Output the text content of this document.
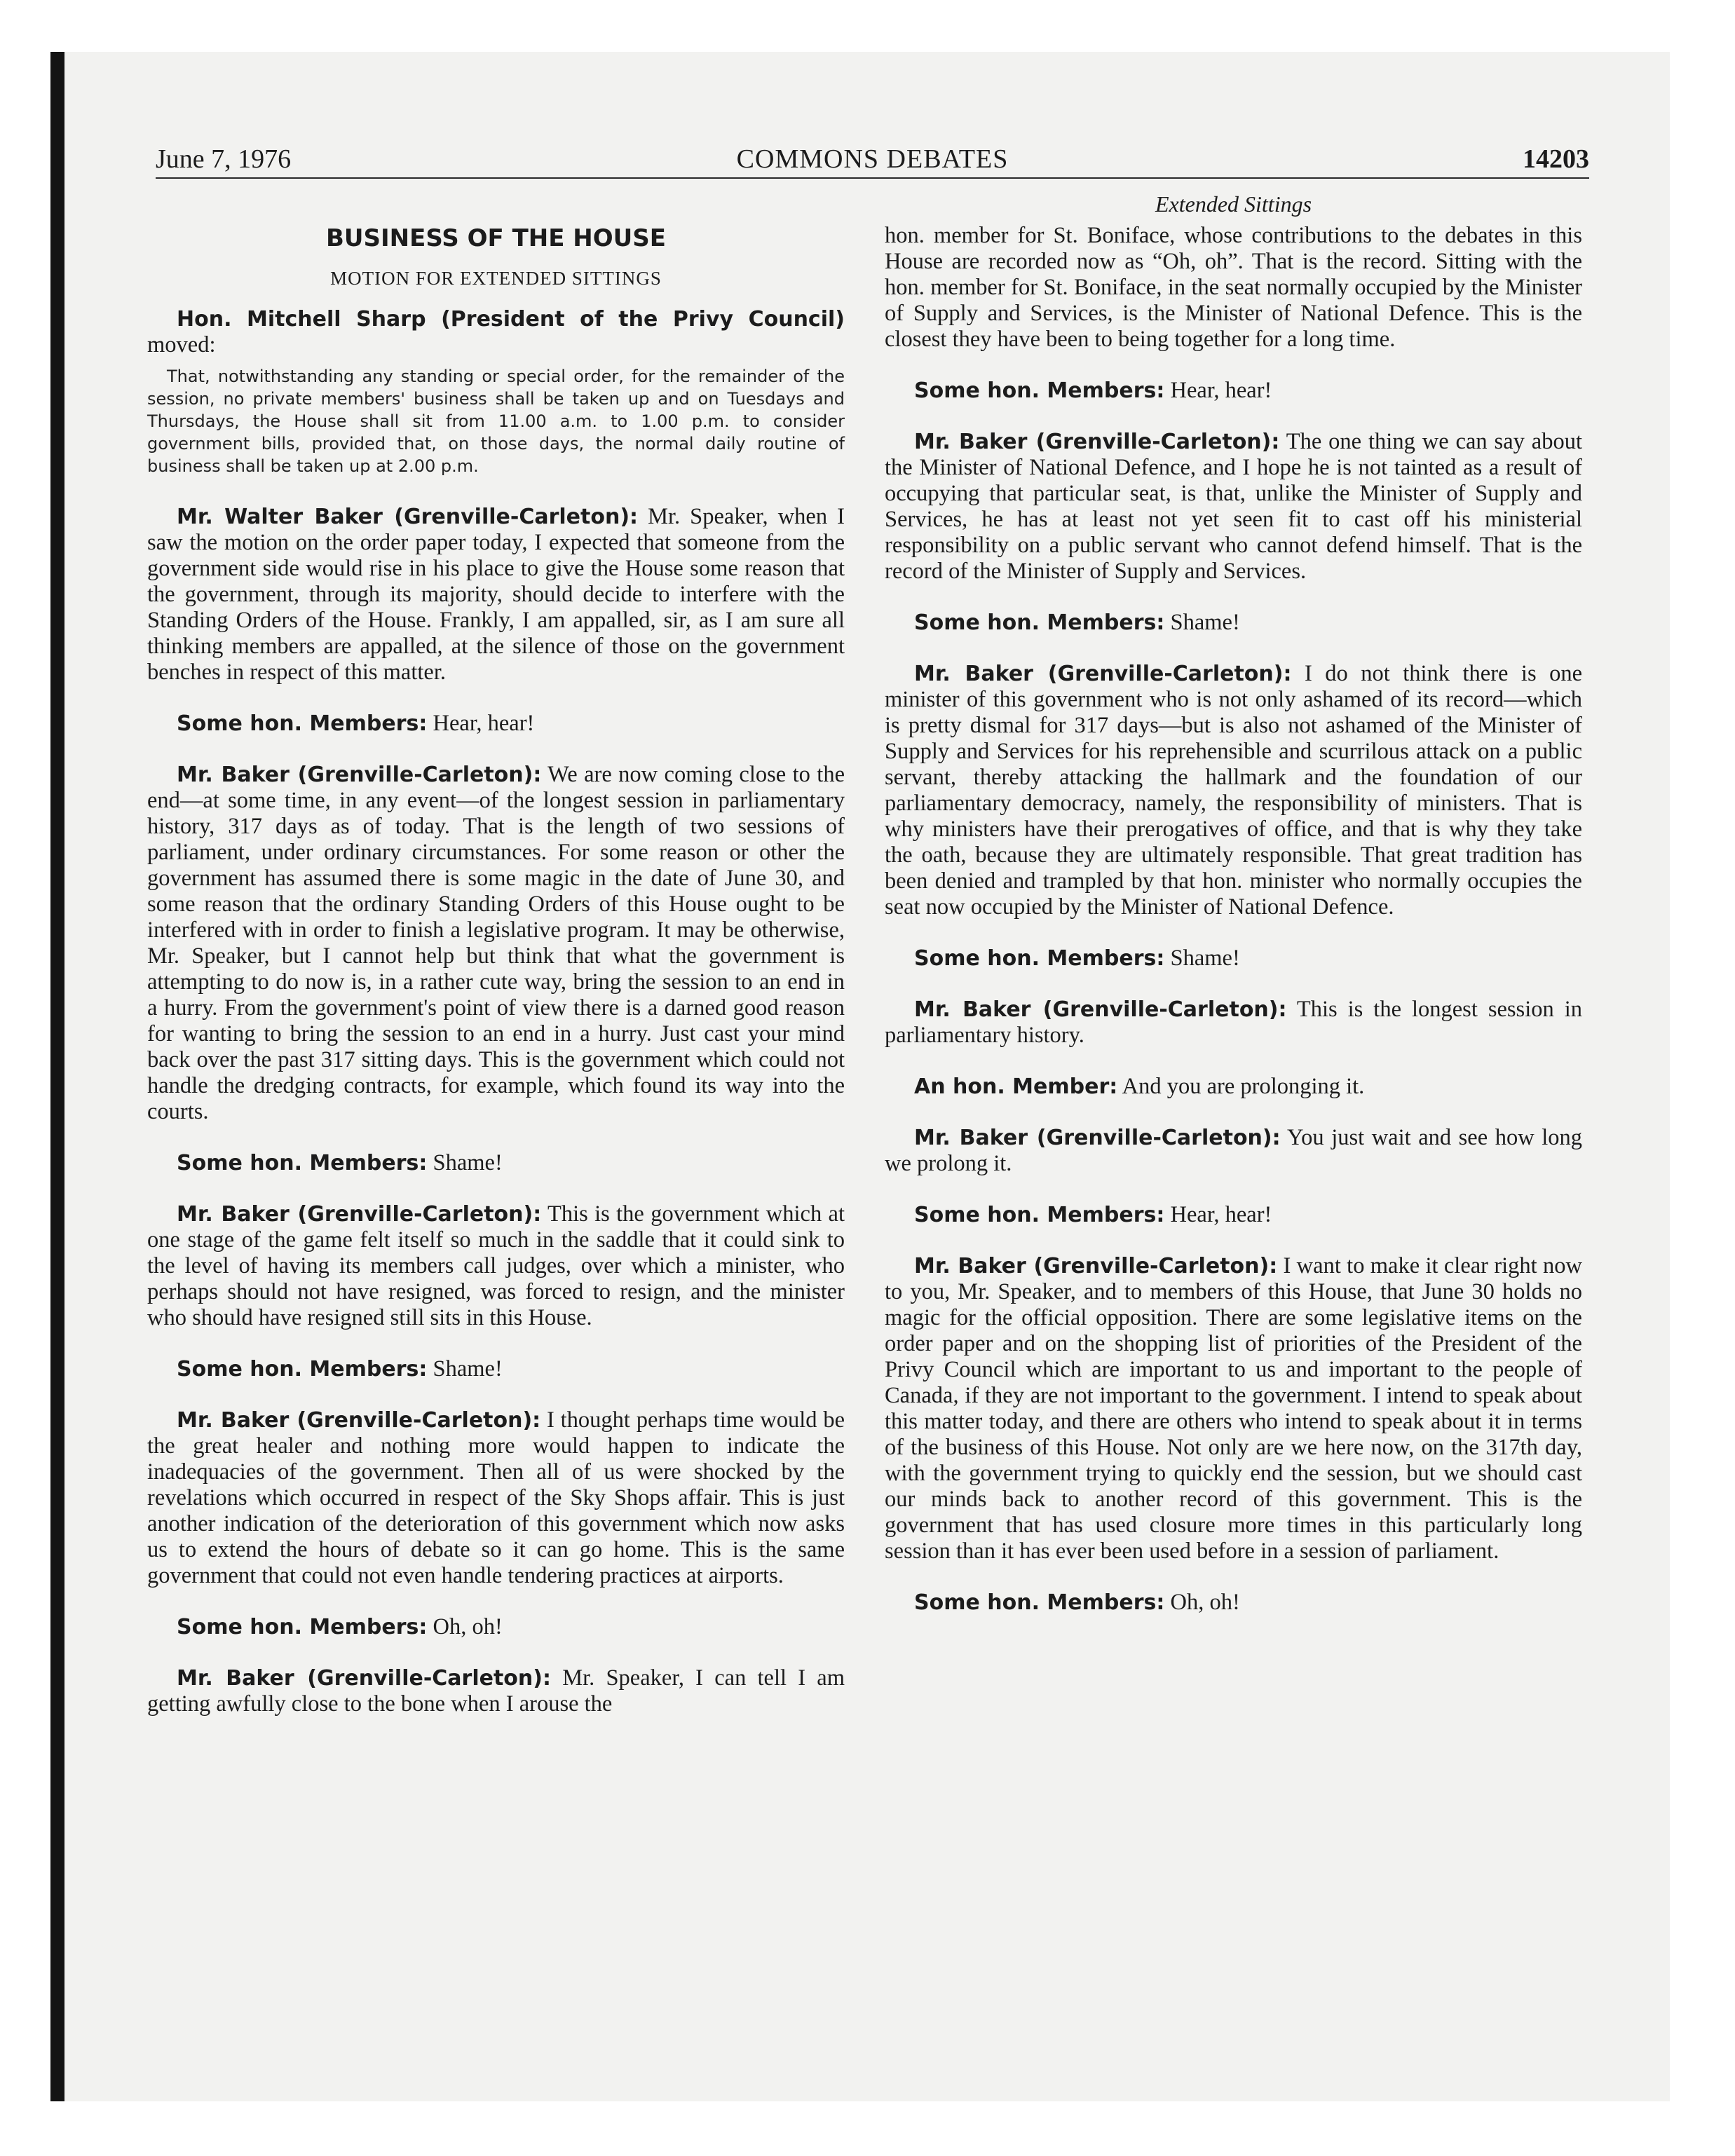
June 7, 1976	COMMONS DEBATES	14203
BUSINESS OF THE HOUSE
MOTION FOR EXTENDED SITTINGS

Hon. Mitchell Sharp (President of the Privy Council) moved:

That, notwithstanding any standing or special order, for the remainder of the session, no private members' business shall be taken up and on Tuesdays and Thursdays, the House shall sit from 11.00 a.m. to 1.00 p.m. to consider government bills, provided that, on those days, the normal daily routine of business shall be taken up at 2.00 p.m.

Mr. Walter Baker (Grenville-Carleton): Mr. Speaker, when I saw the motion on the order paper today, I expected that someone from the government side would rise in his place to give the House some reason that the government, through its majority, should decide to interfere with the Standing Orders of the House. Frankly, I am appalled, sir, as I am sure all thinking members are appalled, at the silence of those on the government benches in respect of this matter.

Some hon. Members: Hear, hear!

Mr. Baker (Grenville-Carleton): We are now coming close to the end—at some time, in any event—of the longest session in parliamentary history, 317 days as of today. That is the length of two sessions of parliament, under ordinary circumstances. For some reason or other the government has assumed there is some magic in the date of June 30, and some reason that the ordinary Standing Orders of this House ought to be interfered with in order to finish a legislative program. It may be otherwise, Mr. Speaker, but I cannot help but think that what the government is attempting to do now is, in a rather cute way, bring the session to an end in a hurry. From the government's point of view there is a darned good reason for wanting to bring the session to an end in a hurry. Just cast your mind back over the past 317 sitting days. This is the government which could not handle the dredging contracts, for example, which found its way into the courts.

Some hon. Members: Shame!

Mr. Baker (Grenville-Carleton): This is the government which at one stage of the game felt itself so much in the saddle that it could sink to the level of having its members call judges, over which a minister, who perhaps should not have resigned, was forced to resign, and the minister who should have resigned still sits in this House.

Some hon. Members: Shame!

Mr. Baker (Grenville-Carleton): I thought perhaps time would be the great healer and nothing more would happen to indicate the inadequacies of the government. Then all of us were shocked by the revelations which occurred in respect of the Sky Shops affair. This is just another indication of the deterioration of this government which now asks us to extend the hours of debate so it can go home. This is the same government that could not even handle tendering practices at airports.

Some hon. Members: Oh, oh!

Mr. Baker (Grenville-Carleton): Mr. Speaker, I can tell I am getting awfully close to the bone when I arouse the

Extended Sittings

hon. member for St. Boniface, whose contributions to the debates in this House are recorded now as “Oh, oh”. That is the record. Sitting with the hon. member for St. Boniface, in the seat normally occupied by the Minister of Supply and Services, is the Minister of National Defence. This is the closest they have been to being together for a long time.

Some hon. Members: Hear, hear!

Mr. Baker (Grenville-Carleton): The one thing we can say about the Minister of National Defence, and I hope he is not tainted as a result of occupying that particular seat, is that, unlike the Minister of Supply and Services, he has at least not yet seen fit to cast off his ministerial responsibility on a public servant who cannot defend himself. That is the record of the Minister of Supply and Services.

Some hon. Members: Shame!

Mr. Baker (Grenville-Carleton): I do not think there is one minister of this government who is not only ashamed of its record—which is pretty dismal for 317 days—but is also not ashamed of the Minister of Supply and Services for his reprehensible and scurrilous attack on a public servant, thereby attacking the hallmark and the foundation of our parliamentary democracy, namely, the responsibility of ministers. That is why ministers have their prerogatives of office, and that is why they take the oath, because they are ultimately responsible. That great tradition has been denied and trampled by that hon. minister who normally occupies the seat now occupied by the Minister of National Defence.

Some hon. Members: Shame!

Mr. Baker (Grenville-Carleton): This is the longest session in parliamentary history.

An hon. Member: And you are prolonging it.

Mr. Baker (Grenville-Carleton): You just wait and see how long we prolong it.

Some hon. Members: Hear, hear!

Mr. Baker (Grenville-Carleton): I want to make it clear right now to you, Mr. Speaker, and to members of this House, that June 30 holds no magic for the official opposition. There are some legislative items on the order paper and on the shopping list of priorities of the President of the Privy Council which are important to us and important to the people of Canada, if they are not important to the government. I intend to speak about this matter today, and there are others who intend to speak about it in terms of the business of this House. Not only are we here now, on the 317th day, with the government trying to quickly end the session, but we should cast our minds back to another record of this government. This is the government that has used closure more times in this particularly long session than it has ever been used before in a session of parliament.

Some hon. Members: Oh, oh!
